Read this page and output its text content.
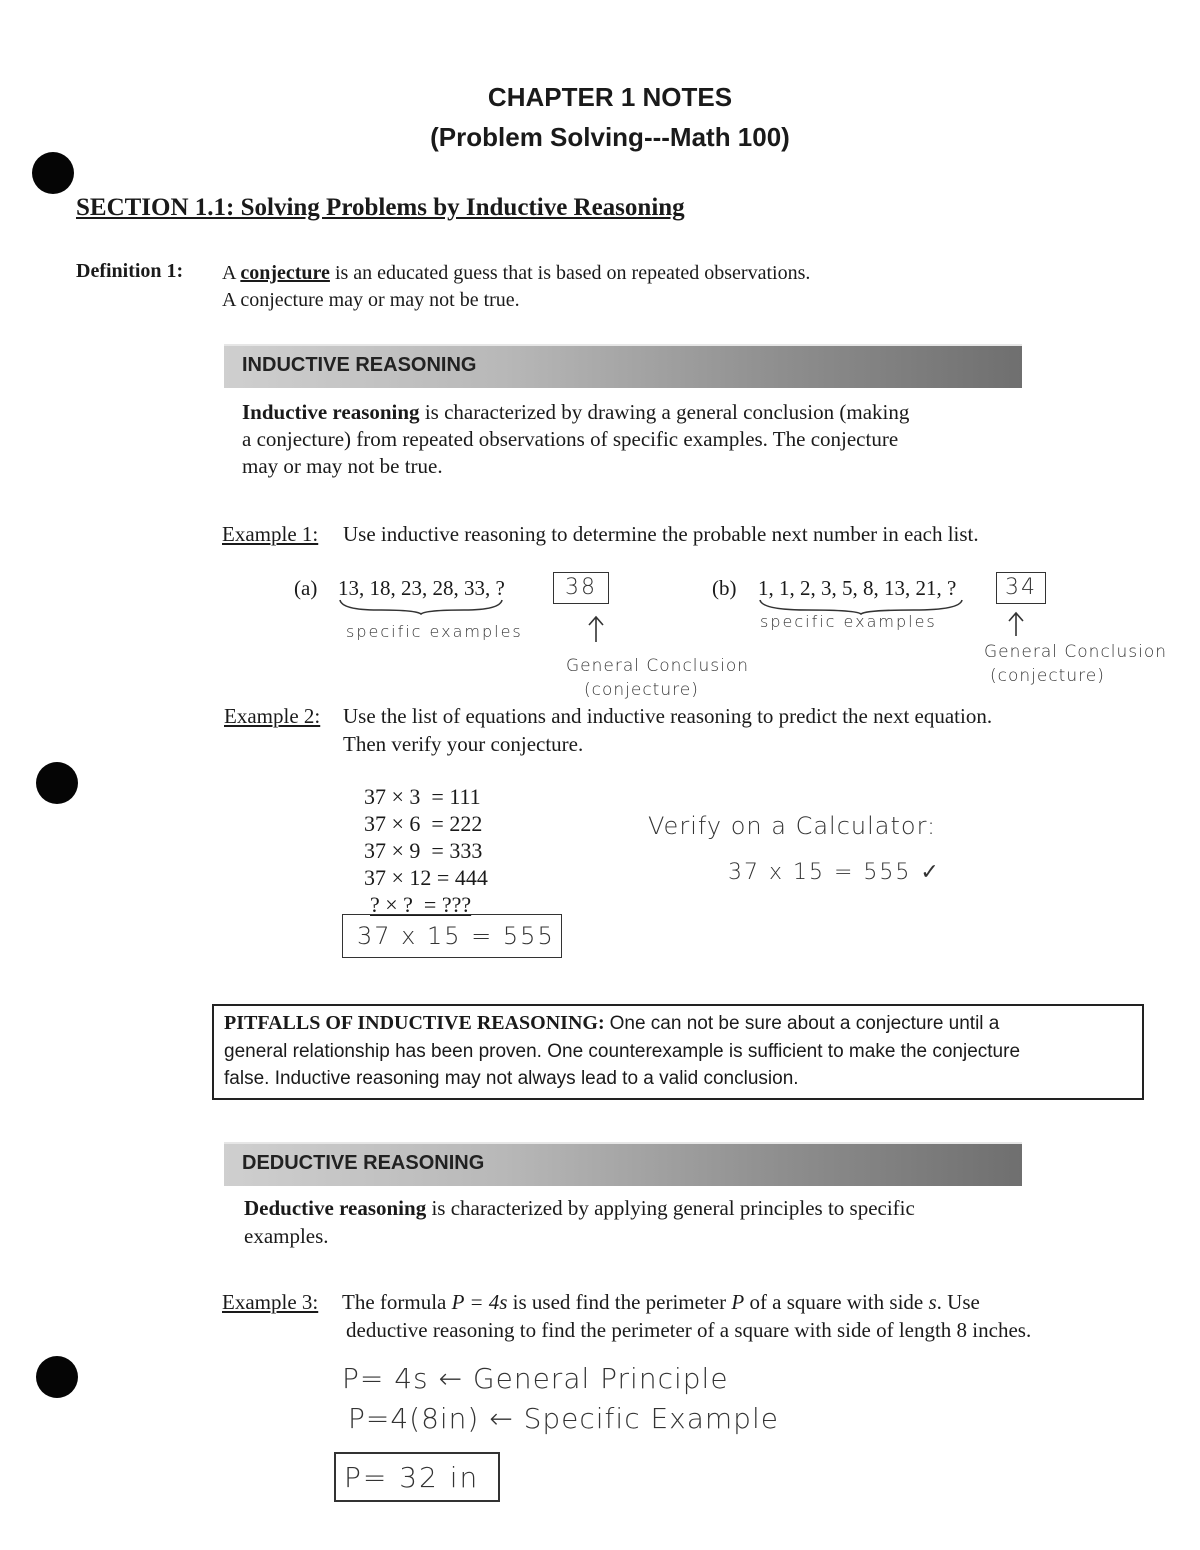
CHAPTER 1 NOTES
(Problem Solving---Math 100)
SECTION 1.1: Solving Problems by Inductive Reasoning
Definition 1: A conjecture is an educated guess that is based on repeated observations.
A conjecture may or may not be true.
INDUCTIVE REASONING
Inductive reasoning is characterized by drawing a general conclusion (making
a conjecture) from repeated observations of specific examples. The conjecture
may or may not be true.
Example 1: Use inductive reasoning to determine the probable next number in each list.
(a) 13, 18, 23, 28, 33, ?	38	(b) 1, 1, 2, 3, 5, 8, 13, 21, ?	34
specific examples
specific examples
General Conclusion
(conjecture)
General Conclusion
(conjecture)
Example 2: Use the list of equations and inductive reasoning to predict the next equation.
Then verify your conjecture.
37 × 3  = 111
37 × 6  = 222
37 × 9  = 333
37 × 12 = 444
? × ?  = ???
37 x 15 = 555
Verify on a Calculator:
37 x 15 = 555 ✓
PITFALLS OF INDUCTIVE REASONING: One can not be sure about a conjecture until a
general relationship has been proven. One counterexample is sufficient to make the conjecture
false. Inductive reasoning may not always lead to a valid conclusion.
DEDUCTIVE REASONING
Deductive reasoning is characterized by applying general principles to specific
examples.
Example 3: The formula P = 4s is used find the perimeter P of a square with side s. Use
deductive reasoning to find the perimeter of a square with side of length 8 inches.
P= 4s ← General Principle
P=4(8in) ← Specific Example
P= 32 in
